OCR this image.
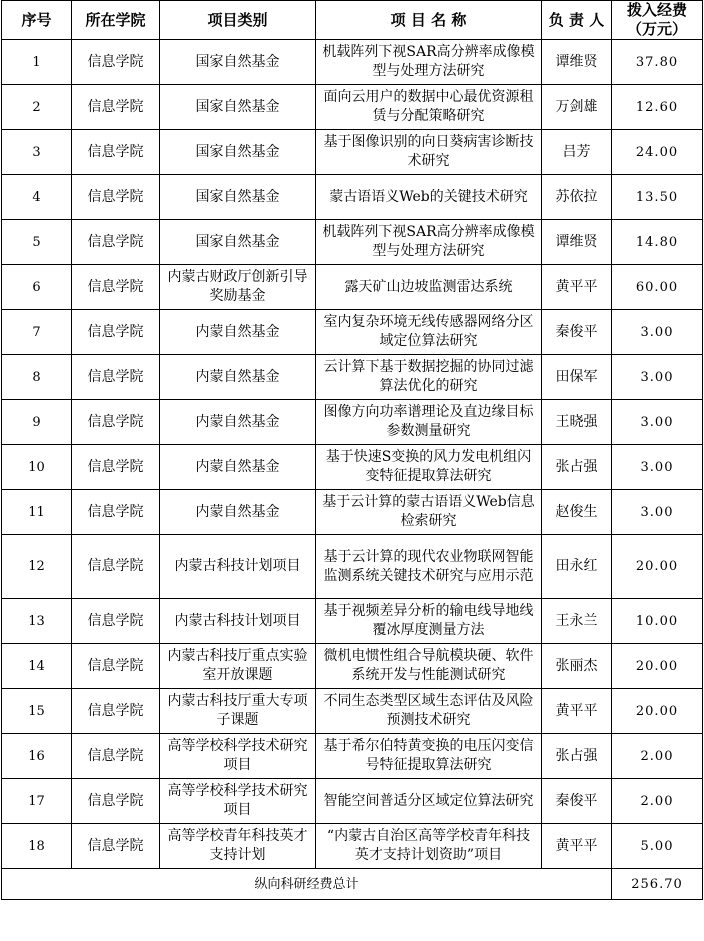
序号	所在学院	项目类别	项 目 名 称	负 责 人	拨入经费
（万元）
1	信息学院	国家自然基金	机载阵列下视SAR高分辨率成像模型与处理方法研究	谭维贤	37.80
2	信息学院	国家自然基金	面向云用户的数据中心最优资源租赁与分配策略研究	万剑雄	12.60
3	信息学院	国家自然基金	基于图像识别的向日葵病害诊断技术研究	吕芳	24.00
4	信息学院	国家自然基金	蒙古语语义Web的关键技术研究	苏依拉	13.50
5	信息学院	国家自然基金	机载阵列下视SAR高分辨率成像模型与处理方法研究	谭维贤	14.80
6	信息学院	内蒙古财政厅创新引导奖励基金	露天矿山边坡监测雷达系统	黄平平	60.00
7	信息学院	内蒙自然基金	室内复杂环境无线传感器网络分区域定位算法研究	秦俊平	3.00
8	信息学院	内蒙自然基金	云计算下基于数据挖掘的协同过滤算法优化的研究	田保军	3.00
9	信息学院	内蒙自然基金	图像方向功率谱理论及直边缘目标参数测量研究	王晓强	3.00
10	信息学院	内蒙自然基金	基于快速S变换的风力发电机组闪变特征提取算法研究	张占强	3.00
11	信息学院	内蒙自然基金	基于云计算的蒙古语语义Web信息检索研究	赵俊生	3.00
12	信息学院	内蒙古科技计划项目	基于云计算的现代农业物联网智能监测系统关键技术研究与应用示范	田永红	20.00
13	信息学院	内蒙古科技计划项目	基于视频差异分析的输电线导地线覆冰厚度测量方法	王永兰	10.00
14	信息学院	内蒙古科技厅重点实验室开放课题	微机电惯性组合导航模块硬、软件系统开发与性能测试研究	张丽杰	20.00
15	信息学院	内蒙古科技厅重大专项子课题	不同生态类型区域生态评估及风险预测技术研究	黄平平	20.00
16	信息学院	高等学校科学技术研究项目	基于希尔伯特黄变换的电压闪变信号特征提取算法研究	张占强	2.00
17	信息学院	高等学校科学技术研究项目	智能空间普适分区域定位算法研究	秦俊平	2.00
18	信息学院	高等学校青年科技英才支持计划	“内蒙古自治区高等学校青年科技英才支持计划资助”项目	黄平平	5.00
纵向科研经费总计					256.70
